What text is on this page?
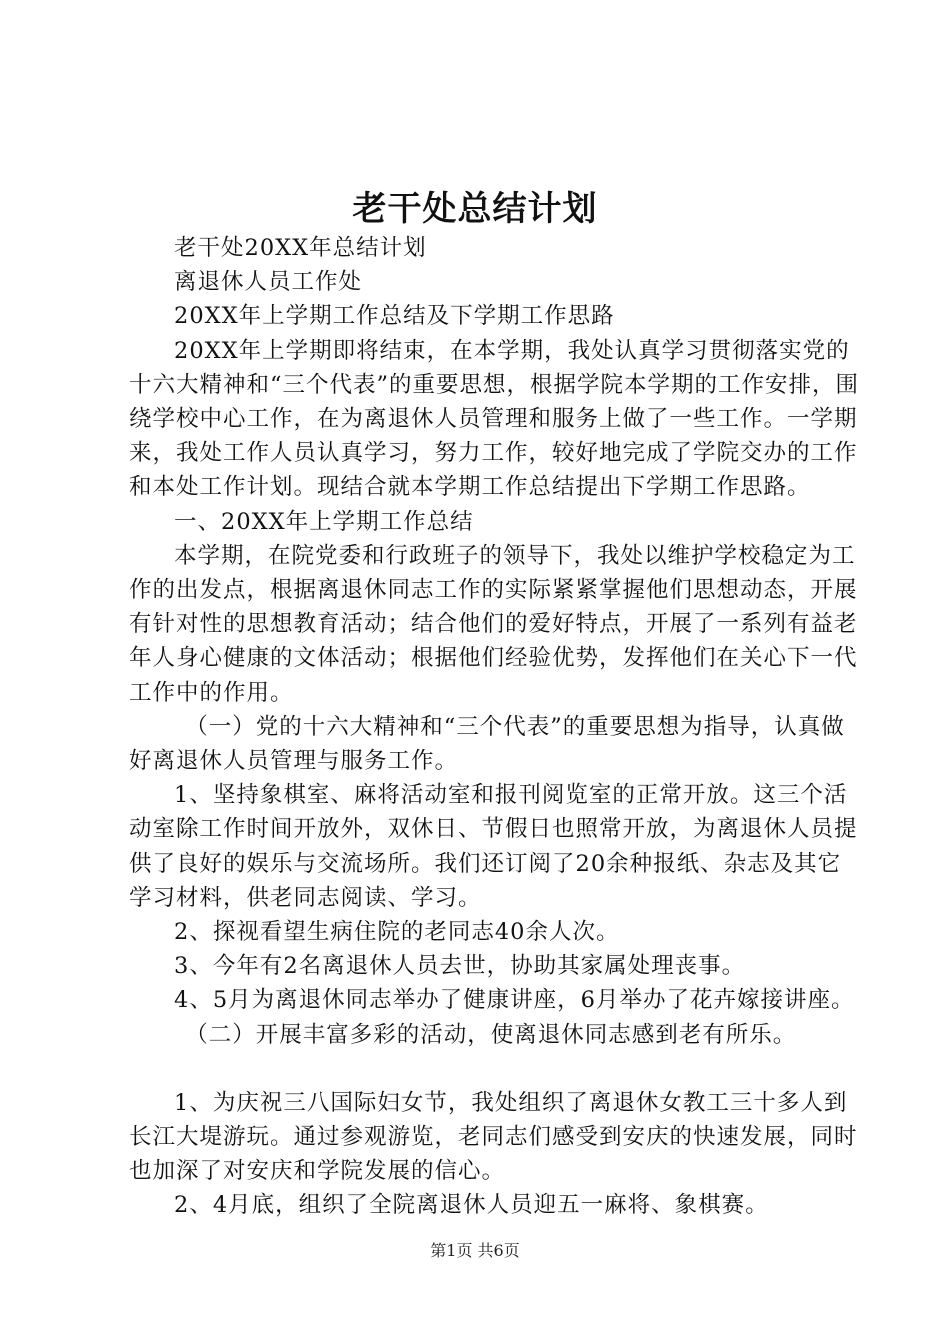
老干处总结计划

老干处20XX年总结计划

离退休人员工作处

20XX年上学期工作总结及下学期工作思路

20XX年上学期即将结束，在本学期，我处认真学习贯彻落实党的十六大精神和“三个代表”的重要思想，根据学院本学期的工作安排，围绕学校中心工作，在为离退休人员管理和服务上做了一些工作。一学期来，我处工作人员认真学习，努力工作，较好地完成了学院交办的工作和本处工作计划。现结合就本学期工作总结提出下学期工作思路。

一、20XX年上学期工作总结

本学期，在院党委和行政班子的领导下，我处以维护学校稳定为工作的出发点，根据离退休同志工作的实际紧紧掌握他们思想动态，开展有针对性的思想教育活动；结合他们的爱好特点，开展了一系列有益老年人身心健康的文体活动；根据他们经验优势，发挥他们在关心下一代工作中的作用。

（一）党的十六大精神和“三个代表”的重要思想为指导，认真做好离退休人员管理与服务工作。

1、坚持象棋室、麻将活动室和报刊阅览室的正常开放。这三个活动室除工作时间开放外，双休日、节假日也照常开放，为离退休人员提供了良好的娱乐与交流场所。我们还订阅了20余种报纸、杂志及其它学习材料，供老同志阅读、学习。

2、探视看望生病住院的老同志40余人次。

3、今年有2名离退休人员去世，协助其家属处理丧事。

4、5月为离退休同志举办了健康讲座，6月举办了花卉嫁接讲座。

（二）开展丰富多彩的活动，使离退休同志感到老有所乐。

1、为庆祝三八国际妇女节，我处组织了离退休女教工三十多人到长江大堤游玩。通过参观游览，老同志们感受到安庆的快速发展，同时也加深了对安庆和学院发展的信心。

2、4月底，组织了全院离退休人员迎五一麻将、象棋赛。

第1页 共6页
